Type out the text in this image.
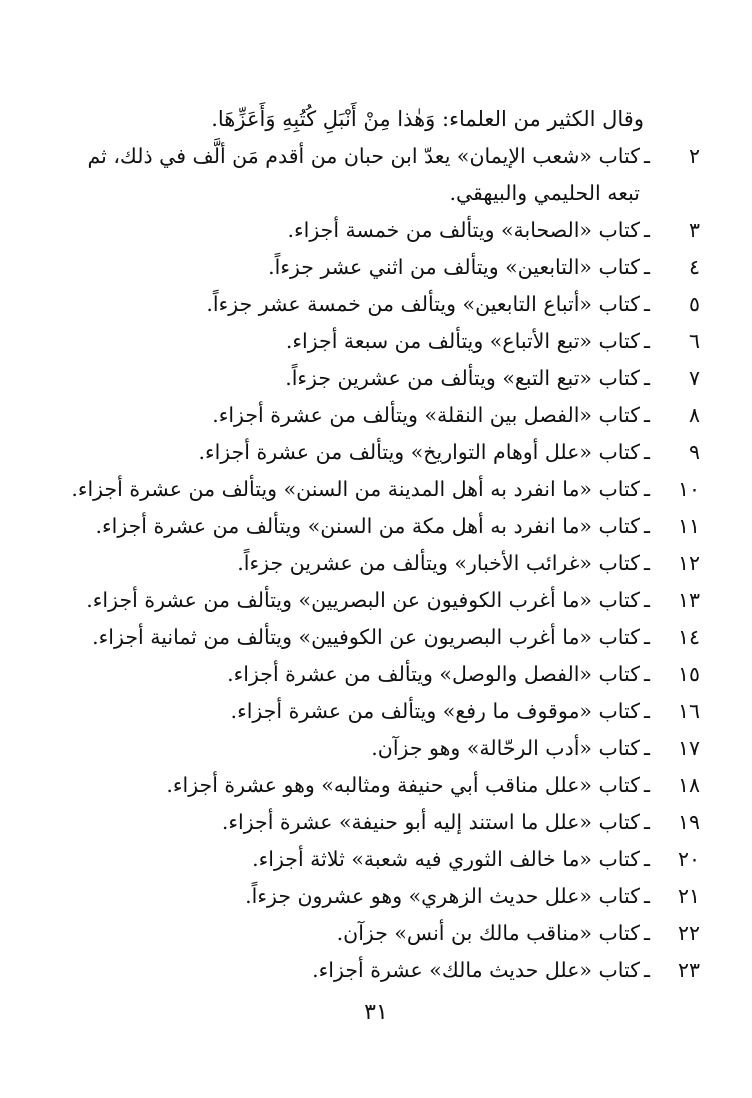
وقال الكثير من العلماء: وَهٰذا مِنْ أَنْبَلِ كُتُبِهِ وَأَعَزِّهَا.
٢
ـ
كتاب «شعب الإيمان» يعدّ ابن حبان من أقدم مَن ألَّف في ذلك، ثم تبعه الحليمي والبيهقي.
٣
ـ
كتاب «الصحابة» ويتألف من خمسة أجزاء.
٤
ـ
كتاب «التابعين» ويتألف من اثني عشر جزءاً.
٥
ـ
كتاب «أتباع التابعين» ويتألف من خمسة عشر جزءاً.
٦
ـ
كتاب «تبع الأتباع» ويتألف من سبعة أجزاء.
٧
ـ
كتاب «تبع التبع» ويتألف من عشرين جزءاً.
٨
ـ
كتاب «الفصل بين النقلة» ويتألف من عشرة أجزاء.
٩
ـ
كتاب «علل أوهام التواريخ» ويتألف من عشرة أجزاء.
١٠
ـ
كتاب «ما انفرد به أهل المدينة من السنن» ويتألف من عشرة أجزاء.
١١
ـ
كتاب «ما انفرد به أهل مكة من السنن» ويتألف من عشرة أجزاء.
١٢
ـ
كتاب «غرائب الأخبار» ويتألف من عشرين جزءاً.
١٣
ـ
كتاب «ما أغرب الكوفيون عن البصريين» ويتألف من عشرة أجزاء.
١٤
ـ
كتاب «ما أغرب البصريون عن الكوفيين» ويتألف من ثمانية أجزاء.
١٥
ـ
كتاب «الفصل والوصل» ويتألف من عشرة أجزاء.
١٦
ـ
كتاب «موقوف ما رفع» ويتألف من عشرة أجزاء.
١٧
ـ
كتاب «أدب الرحّالة» وهو جزآن.
١٨
ـ
كتاب «علل مناقب أبي حنيفة ومثالبه» وهو عشرة أجزاء.
١٩
ـ
كتاب «علل ما استند إليه أبو حنيفة» عشرة أجزاء.
٢٠
ـ
كتاب «ما خالف الثوري فيه شعبة» ثلاثة أجزاء.
٢١
ـ
كتاب «علل حديث الزهري» وهو عشرون جزءاً.
٢٢
ـ
كتاب «مناقب مالك بن أنس» جزآن.
٢٣
ـ
كتاب «علل حديث مالك» عشرة أجزاء.
٣١
